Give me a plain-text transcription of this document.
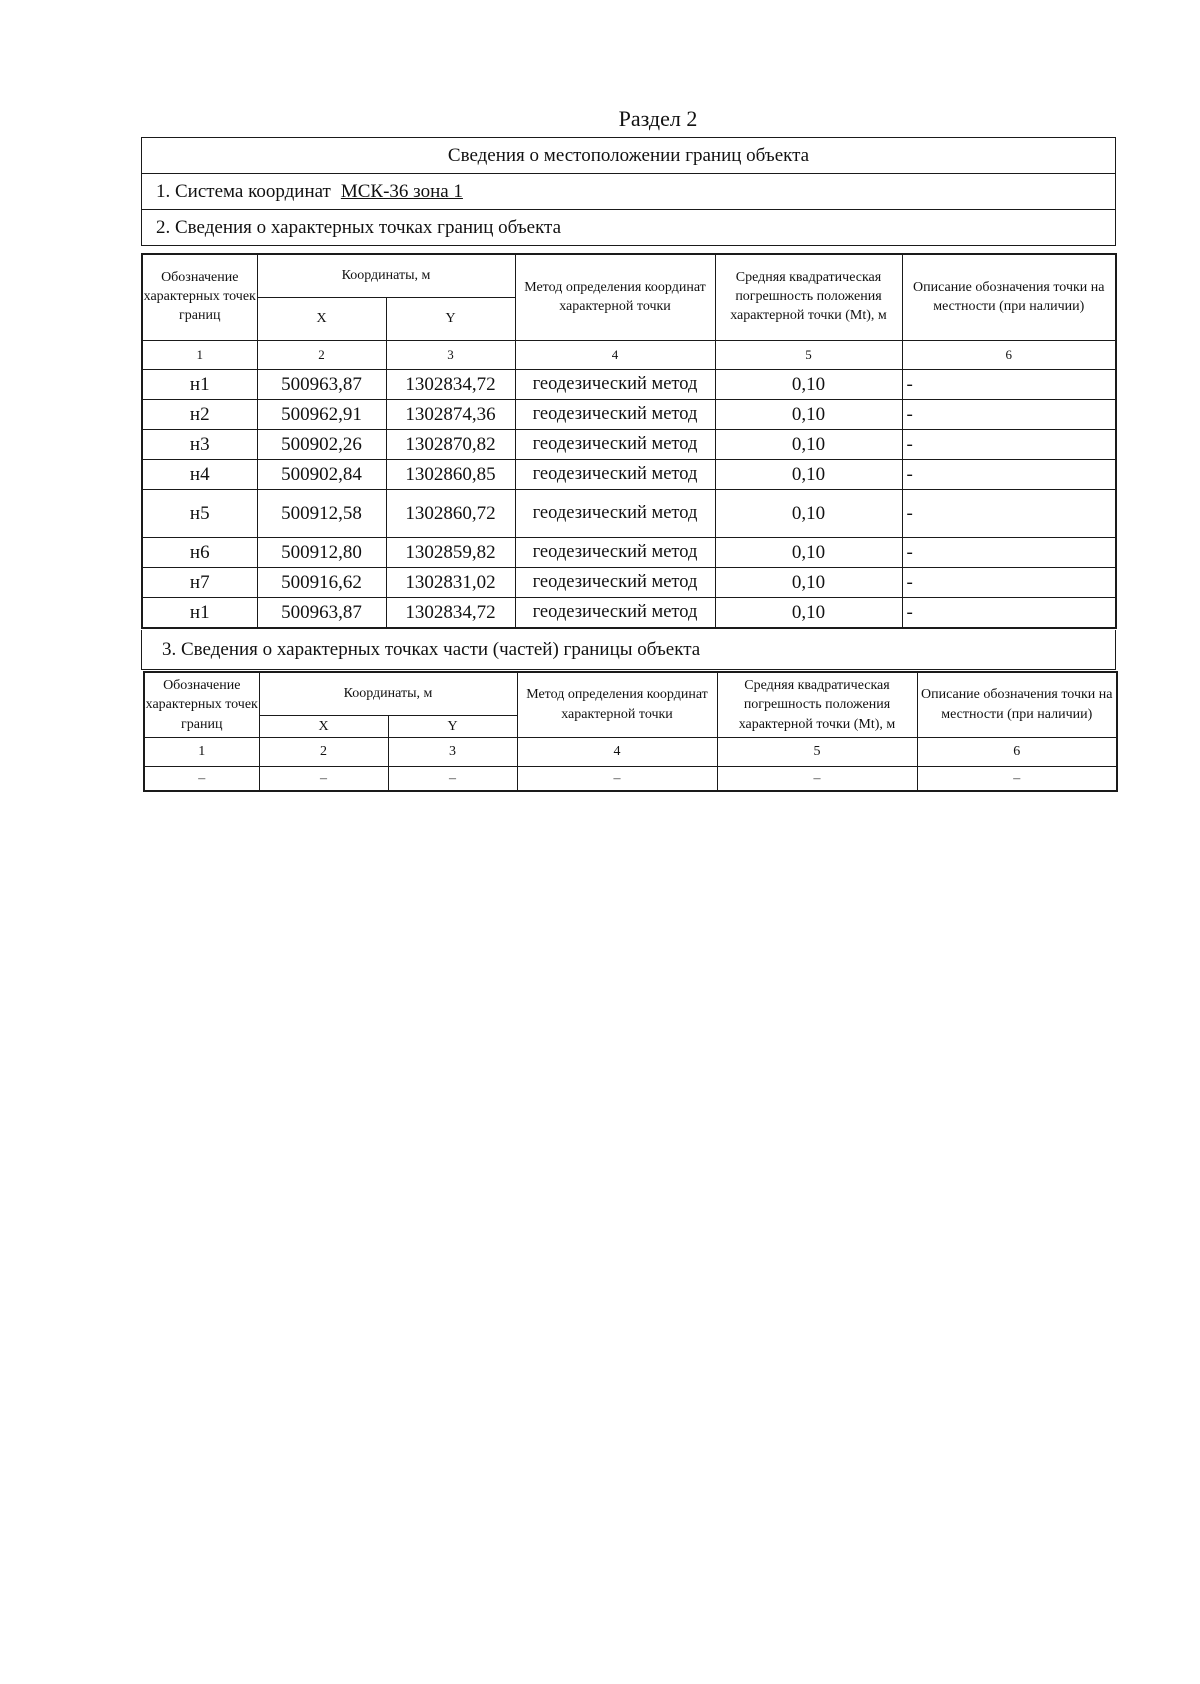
Раздел 2
Сведения о местоположении границ объекта
1. Система координат МСК-36 зона 1
2. Сведения о характерных точках границ объекта
Обозначение характерных точек границ	Координаты, м		Метод определения координат характерной точки	Средняя квадратическая погрешность положения характерной точки (Mt), м	Описание обозначения точки на местности (при наличии)
	X	Y			
1	2	3	4	5	6
н1	500963,87	1302834,72	геодезический метод	0,10	-
н2	500962,91	1302874,36	геодезический метод	0,10	-
н3	500902,26	1302870,82	геодезический метод	0,10	-
н4	500902,84	1302860,85	геодезический метод	0,10	-
н5	500912,58	1302860,72	геодезический метод	0,10	-
н6	500912,80	1302859,82	геодезический метод	0,10	-
н7	500916,62	1302831,02	геодезический метод	0,10	-
н1	500963,87	1302834,72	геодезический метод	0,10	-
3. Сведения о характерных точках части (частей) границы объекта
Обозначение характерных точек границ	Координаты, м		Метод определения координат характерной точки	Средняя квадратическая погрешность положения характерной точки (Mt), м	Описание обозначения точки на местности (при наличии)
	X	Y			
1	2	3	4	5	6
–	–	–	–	–	–
